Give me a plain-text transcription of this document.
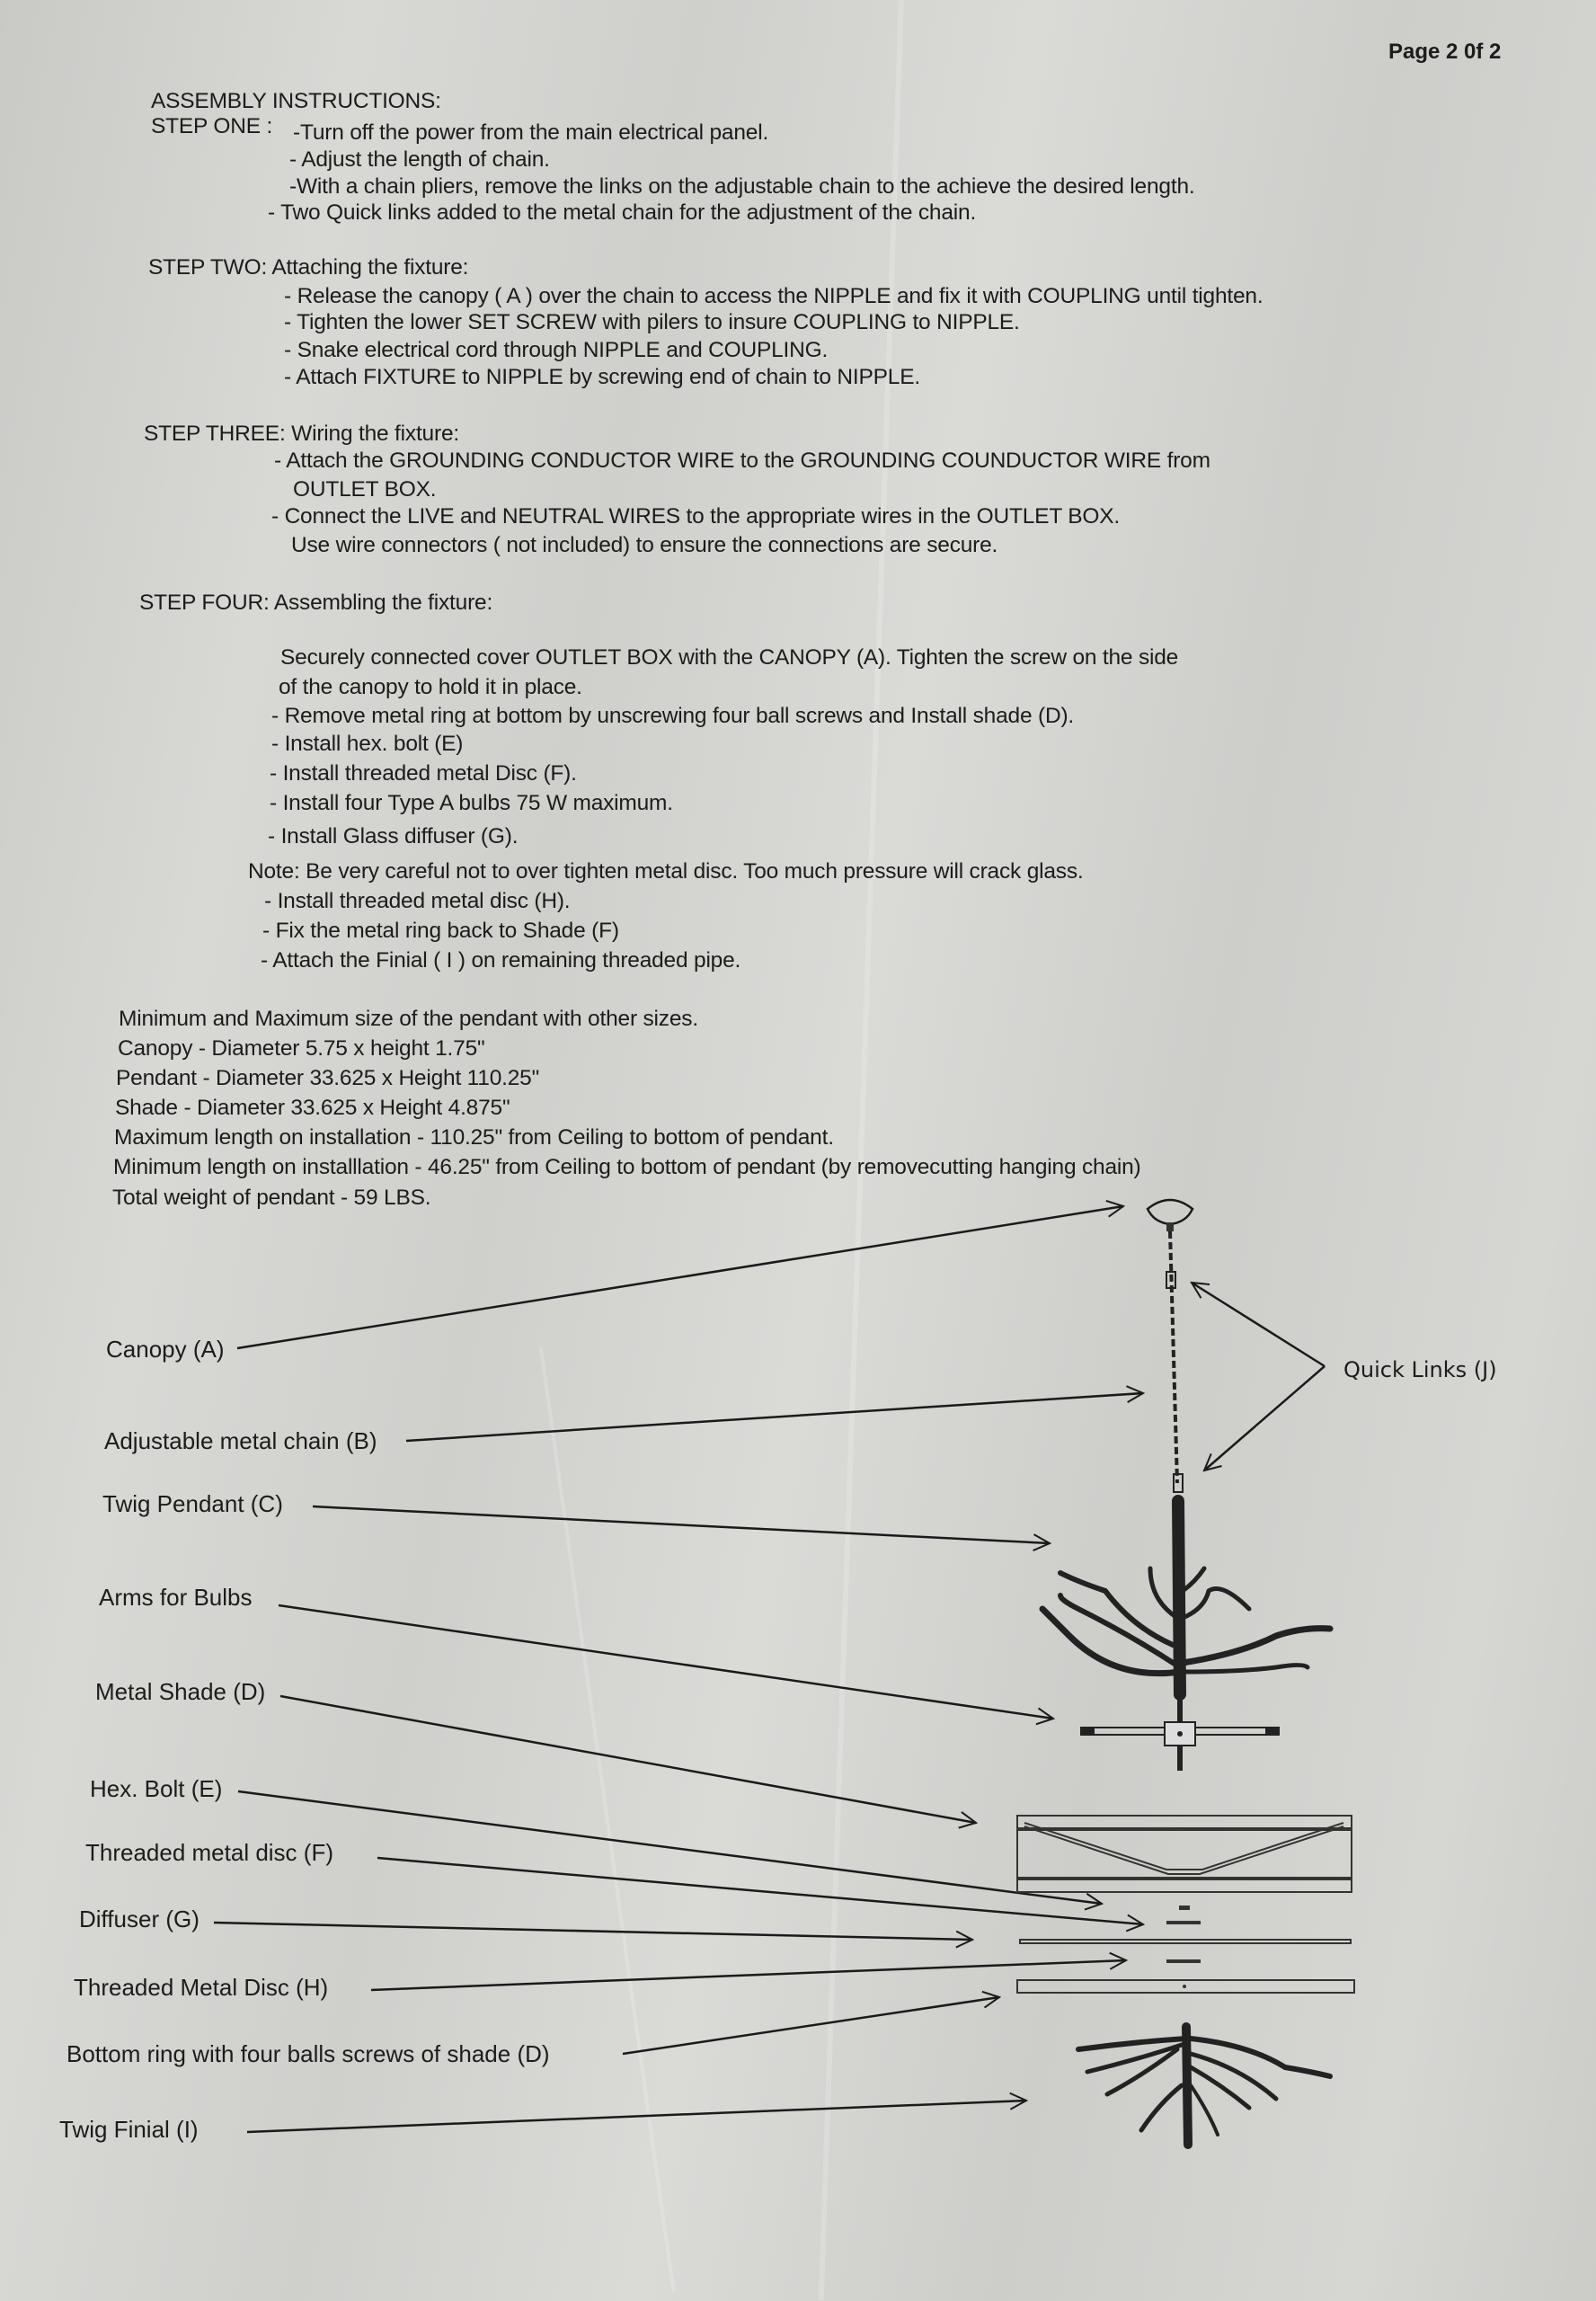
Page 2 0f 2
ASSEMBLY INSTRUCTIONS:
STEP ONE : -Turn off the power from the main electrical panel.
- Adjust the length of chain.
-With a chain pliers, remove the links on the adjustable chain to the achieve the desired length.
- Two Quick links added to the metal chain for the adjustment of the chain.
STEP TWO: Attaching the fixture:
- Release the canopy ( A ) over the chain to access the NIPPLE and fix it with COUPLING until tighten.
- Tighten the lower SET SCREW with pilers to insure COUPLING to NIPPLE.
- Snake electrical cord through NIPPLE and COUPLING.
- Attach FIXTURE to NIPPLE by screwing end of chain to NIPPLE.
STEP THREE: Wiring the fixture:
- Attach the GROUNDING CONDUCTOR WIRE to the GROUNDING COUNDUCTOR WIRE from
OUTLET BOX.
- Connect the LIVE and NEUTRAL WIRES to the appropriate wires in the OUTLET BOX.
Use wire connectors ( not included) to ensure the connections are secure.
STEP FOUR: Assembling the fixture:
Securely connected cover OUTLET BOX with the CANOPY (A). Tighten the screw on the side
of the canopy to hold it in place.
- Remove metal ring at bottom by unscrewing four ball screws and Install shade (D).
- Install hex. bolt (E)
- Install threaded metal Disc (F).
- Install four Type A bulbs 75 W maximum.
- Install Glass diffuser (G).
Note: Be very careful not to over tighten metal disc. Too much pressure will crack glass.
- Install threaded metal disc (H).
- Fix the metal ring back to Shade (F)
- Attach the Finial ( I ) on remaining threaded pipe.
Minimum and Maximum size of the pendant with other sizes.
Canopy - Diameter 5.75 x height 1.75"
Pendant - Diameter 33.625 x Height 110.25"
Shade - Diameter 33.625 x Height 4.875"
Maximum length on installation - 110.25" from Ceiling to bottom of pendant.
Minimum length on installlation - 46.25" from Ceiling to bottom of pendant (by removecutting hanging chain)
Total weight of pendant - 59 LBS.
Canopy (A)
Adjustable metal chain (B)
Twig Pendant (C)
Arms for Bulbs
Metal Shade (D)
Hex. Bolt (E)
Threaded metal disc (F)
Diffuser (G)
Threaded Metal Disc (H)
Bottom ring with four balls screws of shade (D)
Twig Finial (I)
Quick Links (J)
